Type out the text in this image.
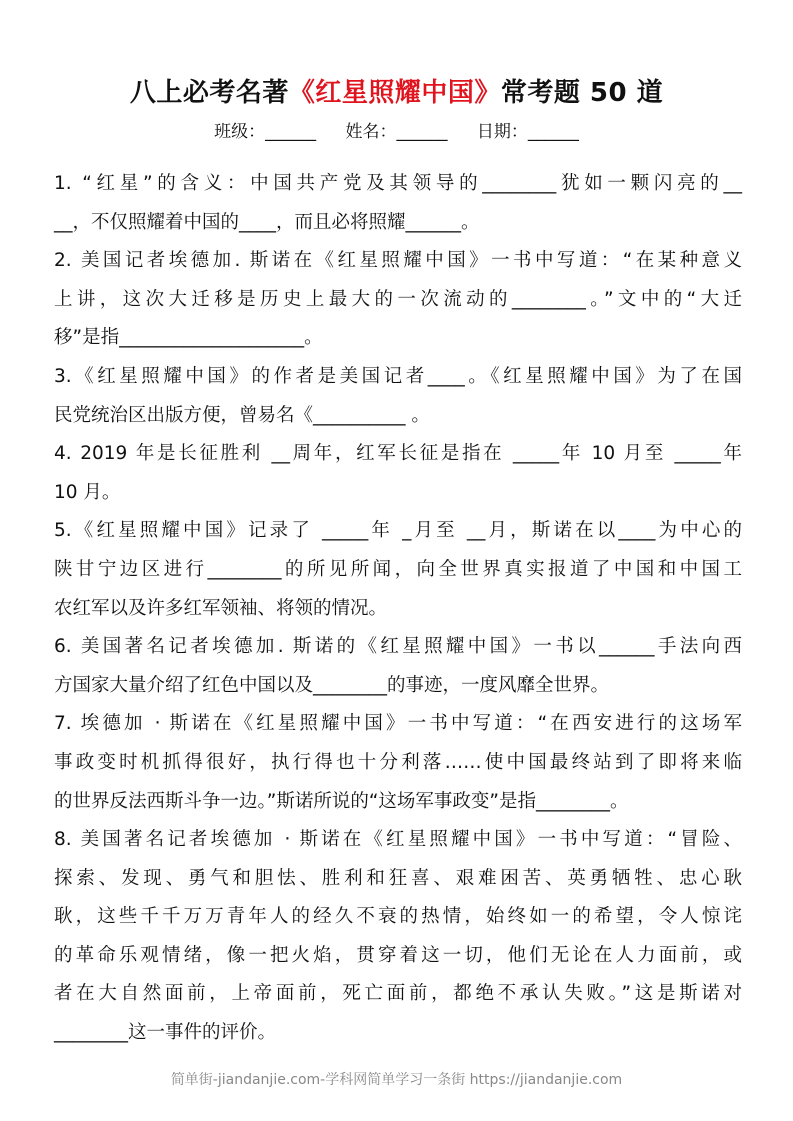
八上必考名著《红星照耀中国》常考题 50 道
班级：______ 姓名：______ 日期：______
1. “红星”的含义：中国共产党及其领导的________犹如一颗闪亮的__
__，不仅照耀着中国的____，而且必将照耀______。
2. 美国记者埃德加. 斯诺在《红星照耀中国》一书中写道：“在某种意义
上讲，这次大迁移是历史上最大的一次流动的________。”文中的“大迁
移”是指____________________。
3.《红星照耀中国》的作者是美国记者____。《红星照耀中国》为了在国
民党统治区出版方便，曾易名《__________ 。
4. 2019 年是长征胜利 __周年，红军长征是指在 _____年 10 月至 _____年
10 月。
5.《红星照耀中国》记录了 _____年 _月至 __月，斯诺在以____为中心的
陕甘宁边区进行________的所见所闻，向全世界真实报道了中国和中国工
农红军以及许多红军领袖、将领的情况。
6. 美国著名记者埃德加. 斯诺的《红星照耀中国》一书以______手法向西
方国家大量介绍了红色中国以及________的事迹，一度风靡全世界。
7. 埃德加 · 斯诺在《红星照耀中国》一书中写道：“在西安进行的这场军
事政变时机抓得很好，执行得也十分利落……使中国最终站到了即将来临
的世界反法西斯斗争一边。”斯诺所说的“这场军事政变”是指________。
8. 美国著名记者埃德加 · 斯诺在《红星照耀中国》一书中写道：“冒险、
探索、发现、勇气和胆怯、胜利和狂喜、艰难困苦、英勇牺牲、忠心耿
耿，这些千千万万青年人的经久不衰的热情，始终如一的希望，令人惊诧
的革命乐观情绪，像一把火焰，贯穿着这一切，他们无论在人力面前，或
者在大自然面前，上帝面前，死亡面前，都绝不承认失败。”这是斯诺对
________这一事件的评价。
简单街-jiandanjie.com-学科网简单学习一条街 https://jiandanjie.com
